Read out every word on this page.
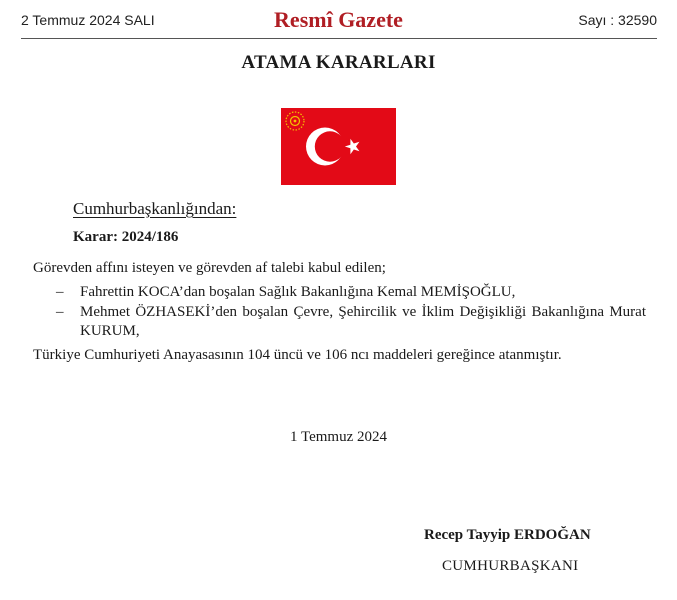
2 Temmuz 2024 SALI	Resmî Gazete	Sayı : 32590
ATAMA KARARLARI
Cumhurbaşkanlığından:
Karar: 2024/186
Görevden affını isteyen ve görevden af talebi kabul edilen;
– Fahrettin KOCA’dan boşalan Sağlık Bakanlığına Kemal MEMİŞOĞLU,
– Mehmet ÖZHASEKİ’den boşalan Çevre, Şehircilik ve İklim Değişikliği Bakanlığına Murat KURUM,
Türkiye Cumhuriyeti Anayasasının 104 üncü ve 106 ncı maddeleri gereğince atanmıştır.
1 Temmuz 2024
Recep Tayyip ERDOĞAN
CUMHURBAŞKANI
